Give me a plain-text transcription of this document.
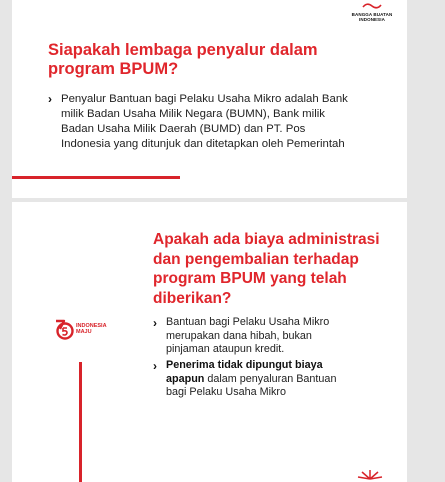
BANGGA BUATAN INDONESIA
Siapakah lembaga penyalur dalam program BPUM?
› Penyalur Bantuan bagi Pelaku Usaha Mikro adalah Bank milik Badan Usaha Milik Negara (BUMN), Bank milik Badan Usaha Milik Daerah (BUMD) dan PT. Pos Indonesia yang ditunjuk dan ditetapkan oleh Pemerintah
Apakah ada biaya administrasi dan pengembalian terhadap program BPUM yang telah diberikan?
INDONESIA
MAJU
› Bantuan bagi Pelaku Usaha Mikro merupakan dana hibah, bukan pinjaman ataupun kredit.
› Penerima tidak dipungut biaya apapun dalam penyaluran Bantuan bagi Pelaku Usaha Mikro
